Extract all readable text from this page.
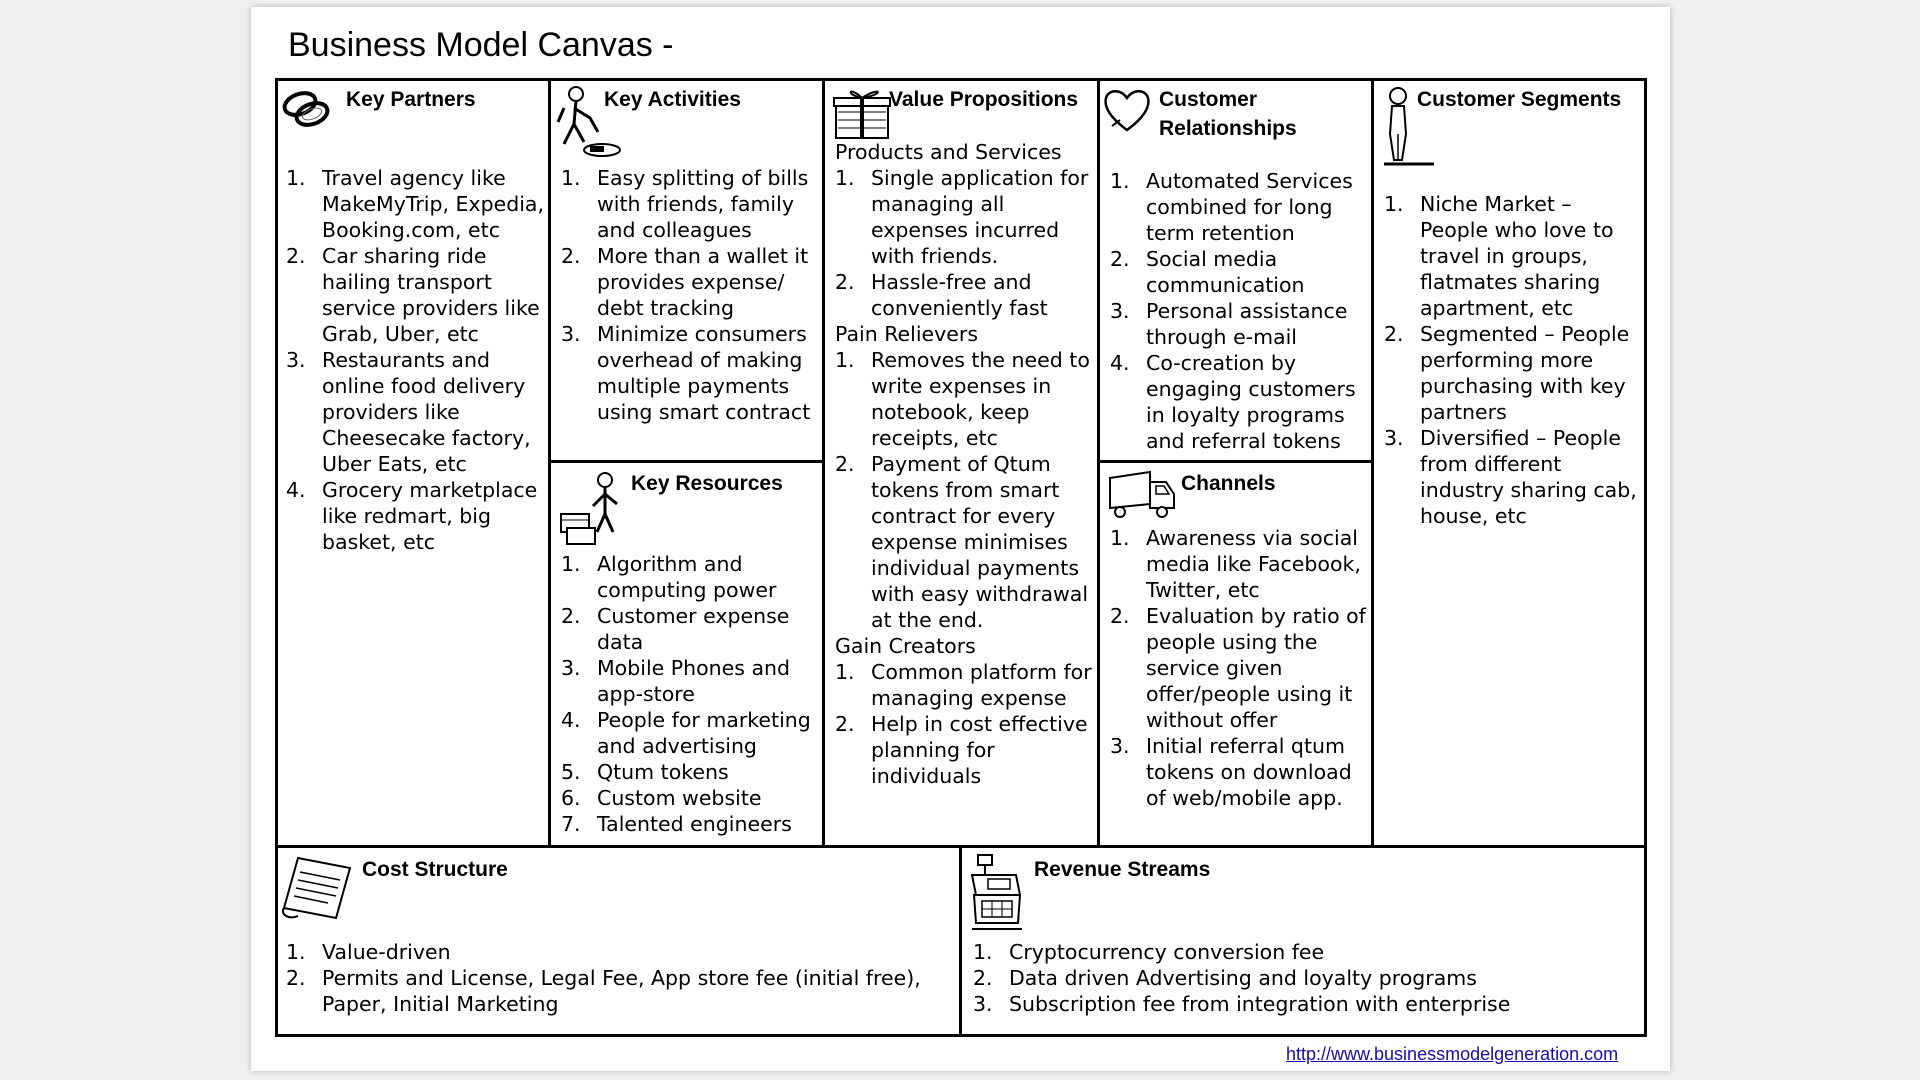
Business Model Canvas -
Key Partners
1. Travel agency like MakeMyTrip, Expedia, Booking.com, etc
2. Car sharing ride hailing transport service providers like Grab, Uber, etc
3. Restaurants and online food delivery providers like Cheesecake factory, Uber Eats, etc
4. Grocery marketplace like redmart, big basket, etc
Key Activities
1. Easy splitting of bills with friends, family and colleagues
2. More than a wallet it provides expense/ debt tracking
3. Minimize consumers overhead of making multiple payments using smart contract
Key Resources
1. Algorithm and computing power
2. Customer expense data
3. Mobile Phones and app-store
4. People for marketing and advertising
5. Qtum tokens
6. Custom website
7. Talented engineers
Value Propositions
Products and Services
1. Single application for managing all expenses incurred with friends.
2. Hassle-free and conveniently fast
Pain Relievers
1. Removes the need to write expenses in notebook, keep receipts, etc
2. Payment of Qtum tokens from smart contract for every expense minimises individual payments with easy withdrawal at the end.
Gain Creators
1. Common platform for managing expense
2. Help in cost effective planning for individuals
Customer
Relationships
1. Automated Services combined for long term retention
2. Social media communication
3. Personal assistance through e-mail
4. Co-creation by engaging customers in loyalty programs and referral tokens
Channels
1. Awareness via social media like Facebook, Twitter, etc
2. Evaluation by ratio of people using the service given offer/people using it without offer
3. Initial referral qtum tokens on download of web/mobile app.
Customer Segments
1. Niche Market – People who love to travel in groups, flatmates sharing apartment, etc
2. Segmented – People performing more purchasing with key partners
3. Diversified – People from different industry sharing cab, house, etc
Cost Structure
1. Value-driven
2. Permits and License, Legal Fee, App store fee (initial free), Paper, Initial Marketing
Revenue Streams
1. Cryptocurrency conversion fee
2. Data driven Advertising and loyalty programs
3. Subscription fee from integration with enterprise
http://www.businessmodelgeneration.com
